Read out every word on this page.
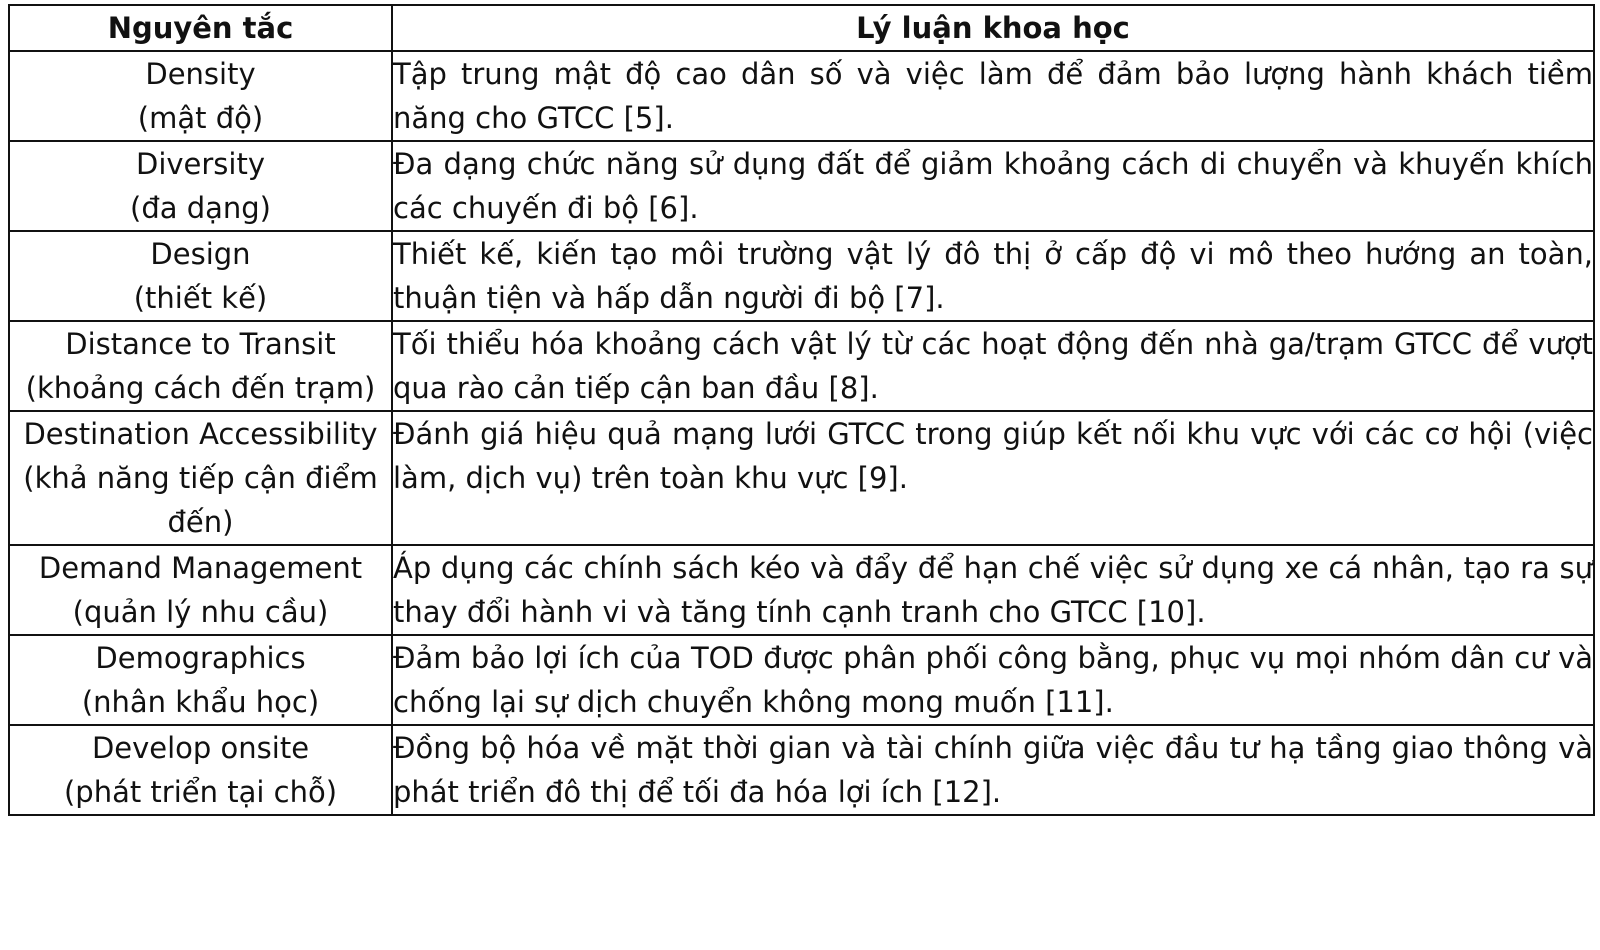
Nguyên tắc	Lý luận khoa học

Density
(mật độ)	Tập trung mật độ cao dân số và việc làm để đảm bảo lượng hành khách tiềm năng cho GTCC [5].

Diversity
(đa dạng)	Đa dạng chức năng sử dụng đất để giảm khoảng cách di chuyển và khuyến khích các chuyến đi bộ [6].

Design
(thiết kế)	Thiết kế, kiến tạo môi trường vật lý đô thị ở cấp độ vi mô theo hướng an toàn, thuận tiện và hấp dẫn người đi bộ [7].

Distance to Transit
(khoảng cách đến trạm)	Tối thiểu hóa khoảng cách vật lý từ các hoạt động đến nhà ga/trạm GTCC để vượt qua rào cản tiếp cận ban đầu [8].

Destination Accessibility
(khả năng tiếp cận điểm đến)	Đánh giá hiệu quả mạng lưới GTCC trong giúp kết nối khu vực với các cơ hội (việc làm, dịch vụ) trên toàn khu vực [9].

Demand Management
(quản lý nhu cầu)	Áp dụng các chính sách kéo và đẩy để hạn chế việc sử dụng xe cá nhân, tạo ra sự thay đổi hành vi và tăng tính cạnh tranh cho GTCC [10].

Demographics
(nhân khẩu học)	Đảm bảo lợi ích của TOD được phân phối công bằng, phục vụ mọi nhóm dân cư và chống lại sự dịch chuyển không mong muốn [11].

Develop onsite
(phát triển tại chỗ)	Đồng bộ hóa về mặt thời gian và tài chính giữa việc đầu tư hạ tầng giao thông và phát triển đô thị để tối đa hóa lợi ích [12].
